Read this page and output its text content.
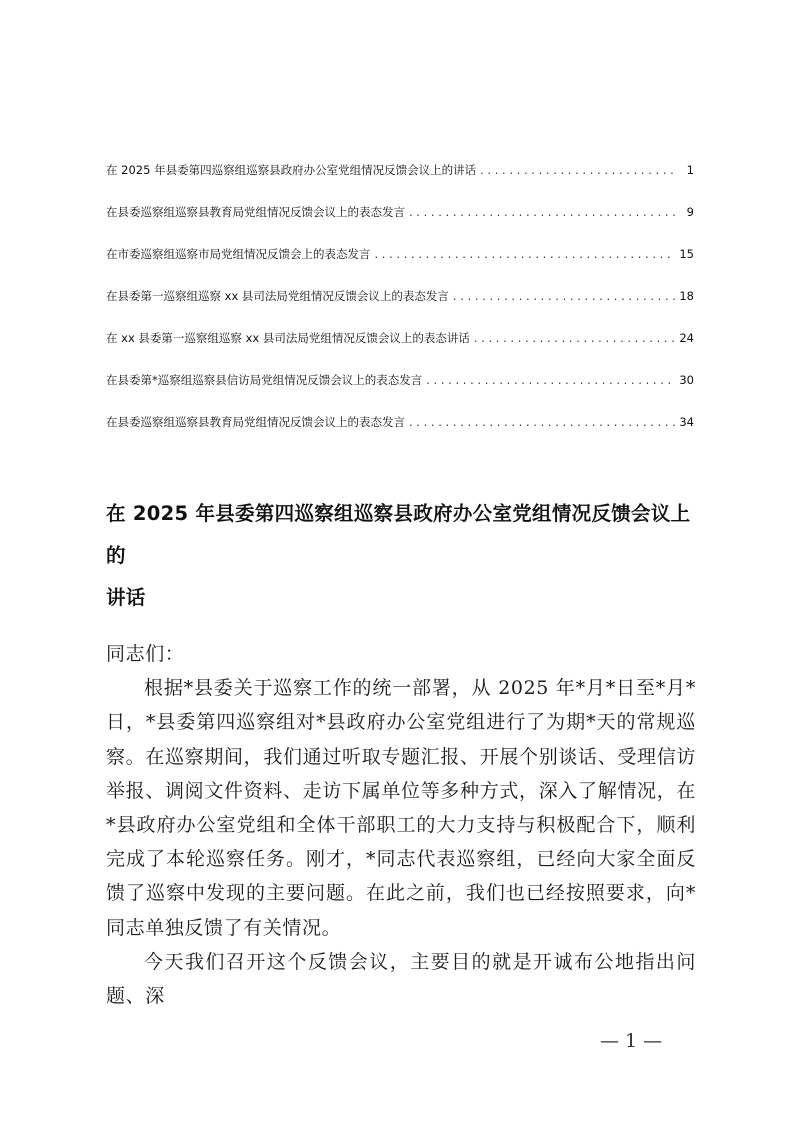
在 2025 年县委第四巡察组巡察县政府办公室党组情况反馈会议上的讲话 . . .	1
在县委巡察组巡察县教育局党组情况反馈会议上的表态发言 . . .	9
在市委巡察组巡察市局党组情况反馈会上的表态发言 . . .	15
在县委第一巡察组巡察 xx 县司法局党组情况反馈会议上的表态发言 . . .	18
在 xx 县委第一巡察组巡察 xx 县司法局党组情况反馈会议上的表态讲话 . . .	24
在县委第*巡察组巡察县信访局党组情况反馈会议上的表态发言 . . .	30
在县委巡察组巡察县教育局党组情况反馈会议上的表态发言 . . .	34
在 2025 年县委第四巡察组巡察县政府办公室党组情况反馈会议上的
讲话

同志们：

根据*县委关于巡察工作的统一部署，从 2025 年*月*日至*月*日，*县委第四巡察组对*县政府办公室党组进行了为期*天的常规巡察。在巡察期间，我们通过听取专题汇报、开展个别谈话、受理信访举报、调阅文件资料、走访下属单位等多种方式，深入了解情况，在*县政府办公室党组和全体干部职工的大力支持与积极配合下，顺利完成了本轮巡察任务。刚才，*同志代表巡察组，已经向大家全面反馈了巡察中发现的主要问题。在此之前，我们也已经按照要求，向*同志单独反馈了有关情况。

今天我们召开这个反馈会议，主要目的就是开诚布公地指出问题、深

— 1 —
